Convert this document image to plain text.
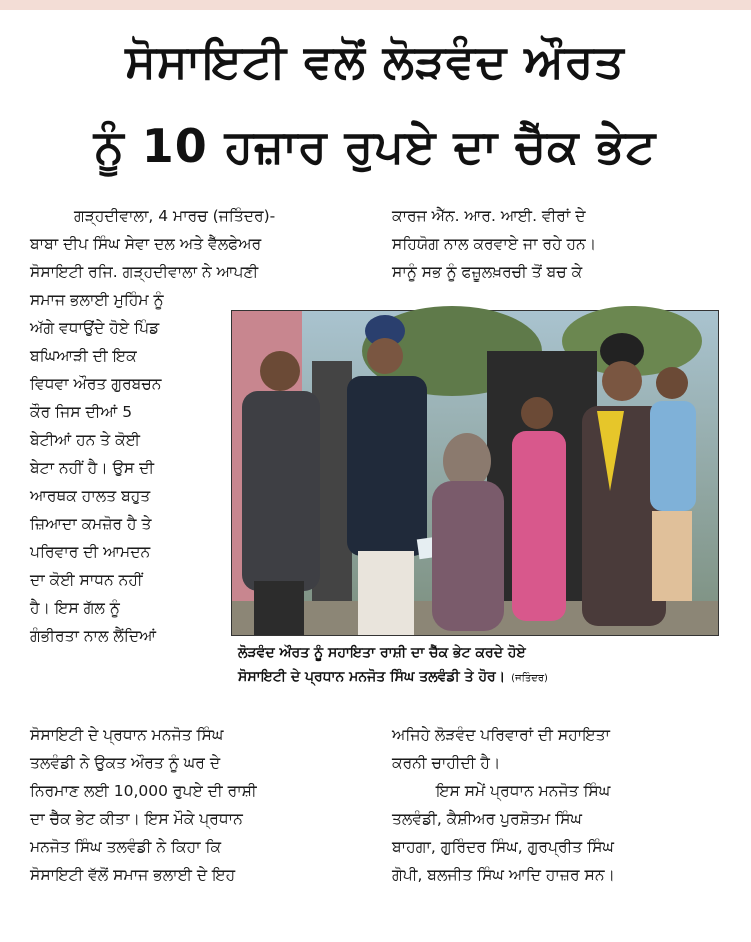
ਸੋਸਾਇਟੀ ਵਲੋਂ ਲੋੜਵੰਦ ਔਰਤ
ਨੂੰ 10 ਹਜ਼ਾਰ ਰੁਪਏ ਦਾ ਚੈੱਕ ਭੇਟ
ਗੜ੍ਹਦੀਵਾਲਾ, 4 ਮਾਰਚ (ਜਤਿੰਦਰ)-
ਬਾਬਾ ਦੀਪ ਸਿੰਘ ਸੇਵਾ ਦਲ ਅਤੇ ਵੈੱਲਫੇਅਰ
ਸੋਸਾਇਟੀ ਰਜਿ. ਗੜ੍ਹਦੀਵਾਲਾ ਨੇ ਆਪਣੀ
ਸਮਾਜ ਭਲਾਈ ਮੁਹਿੰਮ ਨੂੰ
ਅੱਗੇ ਵਧਾਉਂਦੇ ਹੋਏ ਪਿੰਡ
ਬਘਿਆੜੀ ਦੀ ਇਕ
ਵਿਧਵਾ ਔਰਤ ਗੁਰਬਚਨ
ਕੌਰ ਜਿਸ ਦੀਆਂ 5
ਬੇਟੀਆਂ ਹਨ ਤੇ ਕੋਈ
ਬੇਟਾ ਨਹੀਂ ਹੈ। ਉਸ ਦੀ
ਆਰਥਕ ਹਾਲਤ ਬਹੁਤ
ਜ਼ਿਆਦਾ ਕਮਜ਼ੋਰ ਹੈ ਤੇ
ਪਰਿਵਾਰ ਦੀ ਆਮਦਨ
ਦਾ ਕੋਈ ਸਾਧਨ ਨਹੀਂ
ਹੈ। ਇਸ ਗੱਲ ਨੂੰ
ਗੰਭੀਰਤਾ ਨਾਲ ਲੈਂਦਿਆਂ
ਕਾਰਜ ਐੱਨ. ਆਰ. ਆਈ. ਵੀਰਾਂ ਦੇ
ਸਹਿਯੋਗ ਨਾਲ ਕਰਵਾਏ ਜਾ ਰਹੇ ਹਨ।
ਸਾਨੂੰ ਸਭ ਨੂੰ ਫਜ਼ੂਲਖ਼ਰਚੀ ਤੋਂ ਬਚ ਕੇ
ਲੋੜਵੰਦ ਔਰਤ ਨੂੰ ਸਹਾਇਤਾ ਰਾਸ਼ੀ ਦਾ ਚੈੱਕ ਭੇਟ ਕਰਦੇ ਹੋਏ
ਸੋਸਾਇਟੀ ਦੇ ਪ੍ਰਧਾਨ ਮਨਜੋਤ ਸਿੰਘ ਤਲਵੰਡੀ ਤੇ ਹੋਰ। (ਜਤਿੰਦਰ)
ਸੋਸਾਇਟੀ ਦੇ ਪ੍ਰਧਾਨ ਮਨਜੋਤ ਸਿੰਘ
ਤਲਵੰਡੀ ਨੇ ਉਕਤ ਔਰਤ ਨੂੰ ਘਰ ਦੇ
ਨਿਰਮਾਣ ਲਈ 10,000 ਰੁਪਏ ਦੀ ਰਾਸ਼ੀ
ਦਾ ਚੈੱਕ ਭੇਟ ਕੀਤਾ। ਇਸ ਮੌਕੇ ਪ੍ਰਧਾਨ
ਮਨਜੋਤ ਸਿੰਘ ਤਲਵੰਡੀ ਨੇ ਕਿਹਾ ਕਿ
ਸੋਸਾਇਟੀ ਵੱਲੋਂ ਸਮਾਜ ਭਲਾਈ ਦੇ ਇਹ
ਅਜਿਹੇ ਲੋੜਵੰਦ ਪਰਿਵਾਰਾਂ ਦੀ ਸਹਾਇਤਾ
ਕਰਨੀ ਚਾਹੀਦੀ ਹੈ।
ਇਸ ਸਮੇਂ ਪ੍ਰਧਾਨ ਮਨਜੋਤ ਸਿੰਘ
ਤਲਵੰਡੀ, ਕੈਸ਼ੀਅਰ ਪੁਰਸ਼ੋਤਮ ਸਿੰਘ
ਬਾਹਗਾ, ਗੁਰਿੰਦਰ ਸਿੰਘ, ਗੁਰਪ੍ਰੀਤ ਸਿੰਘ
ਗੋਪੀ, ਬਲਜੀਤ ਸਿੰਘ ਆਦਿ ਹਾਜ਼ਰ ਸਨ।
